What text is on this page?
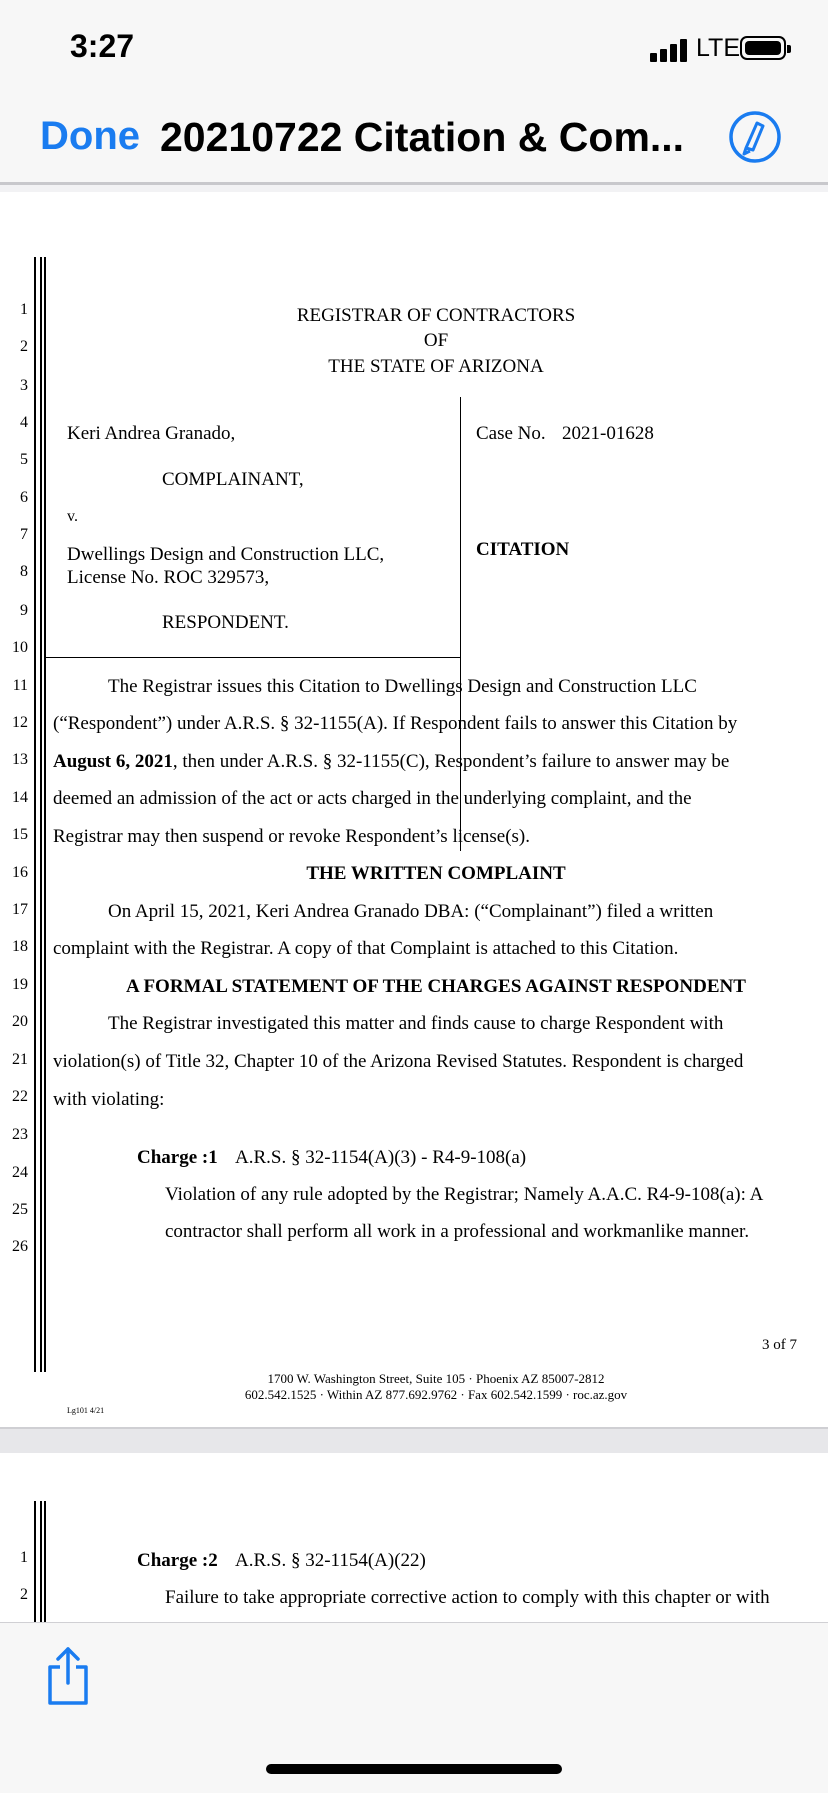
3:27	LTE
Done 20210722 Citation & Com...
1
2
3
4
5
6
7
8
9
10
11
12
13
14
15
16
17
18
19
20
21
22
23
24
25
26
REGISTRAR OF CONTRACTORS
OF
THE STATE OF ARIZONA
Keri Andrea Granado,
COMPLAINANT,
v.
Dwellings Design and Construction LLC,
License No. ROC 329573,
RESPONDENT.
Case No. 2021-01628
CITATION
The Registrar issues this Citation to Dwellings Design and Construction LLC
(“Respondent”) under A.R.S. § 32-1155(A). If Respondent fails to answer this Citation by
August 6, 2021, then under A.R.S. § 32-1155(C), Respondent’s failure to answer may be
deemed an admission of the act or acts charged in the underlying complaint, and the
Registrar may then suspend or revoke Respondent’s license(s).
THE WRITTEN COMPLAINT
On April 15, 2021, Keri Andrea Granado DBA: (“Complainant”) filed a written
complaint with the Registrar. A copy of that Complaint is attached to this Citation.
A FORMAL STATEMENT OF THE CHARGES AGAINST RESPONDENT
The Registrar investigated this matter and finds cause to charge Respondent with
violation(s) of Title 32, Chapter 10 of the Arizona Revised Statutes. Respondent is charged
with violating:
Charge :1 A.R.S. § 32-1154(A)(3) - R4-9-108(a)
Violation of any rule adopted by the Registrar; Namely A.A.C. R4-9-108(a): A
contractor shall perform all work in a professional and workmanlike manner.
3 of 7
1700 W. Washington Street, Suite 105 · Phoenix AZ 85007-2812
602.542.1525 · Within AZ 877.692.9762 · Fax 602.542.1599 · roc.az.gov
Lg101 4/21
1
2
Charge :2 A.R.S. § 32-1154(A)(22)
Failure to take appropriate corrective action to comply with this chapter or with
